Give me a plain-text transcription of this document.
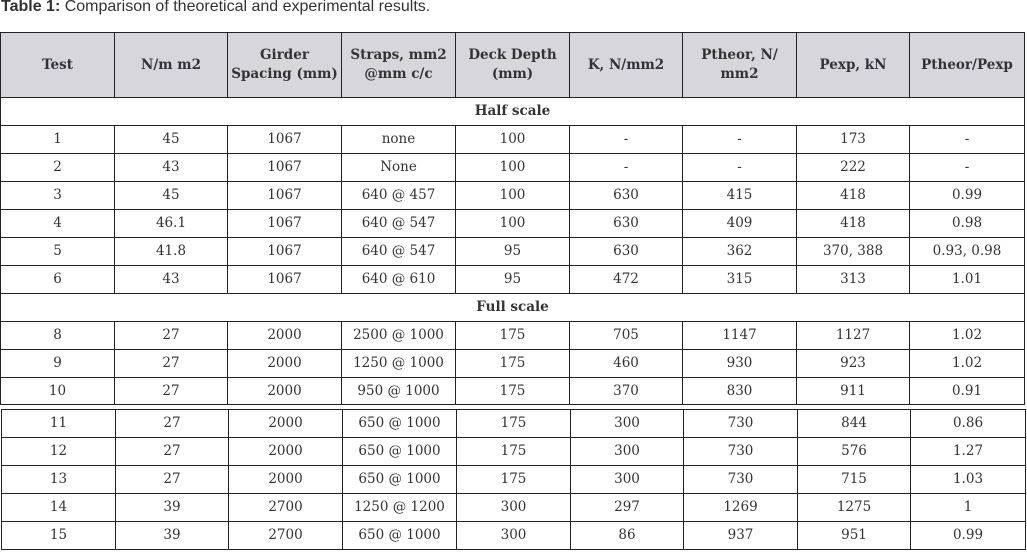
Table 1: Comparison of theoretical and experimental results.
Test	N/m m2	Girder Spacing (mm)	Straps, mm2 @mm c/c	Deck Depth (mm)	K, N/mm2	Ptheor, N/ mm2	Pexp, kN	Ptheor/Pexp
Half scale								
1	45	1067	none	100	-	-	173	-
2	43	1067	None	100	-	-	222	-
3	45	1067	640 @ 457	100	630	415	418	0.99
4	46.1	1067	640 @ 547	100	630	409	418	0.98
5	41.8	1067	640 @ 547	95	630	362	370, 388	0.93, 0.98
6	43	1067	640 @ 610	95	472	315	313	1.01
Full scale								
8	27	2000	2500 @ 1000	175	705	1147	1127	1.02
9	27	2000	1250 @ 1000	175	460	930	923	1.02
10	27	2000	950 @ 1000	175	370	830	911	0.91
11	27	2000	650 @ 1000	175	300	730	844	0.86
12	27	2000	650 @ 1000	175	300	730	576	1.27
13	27	2000	650 @ 1000	175	300	730	715	1.03
14	39	2700	1250 @ 1200	300	297	1269	1275	1
15	39	2700	650 @ 1000	300	86	937	951	0.99
